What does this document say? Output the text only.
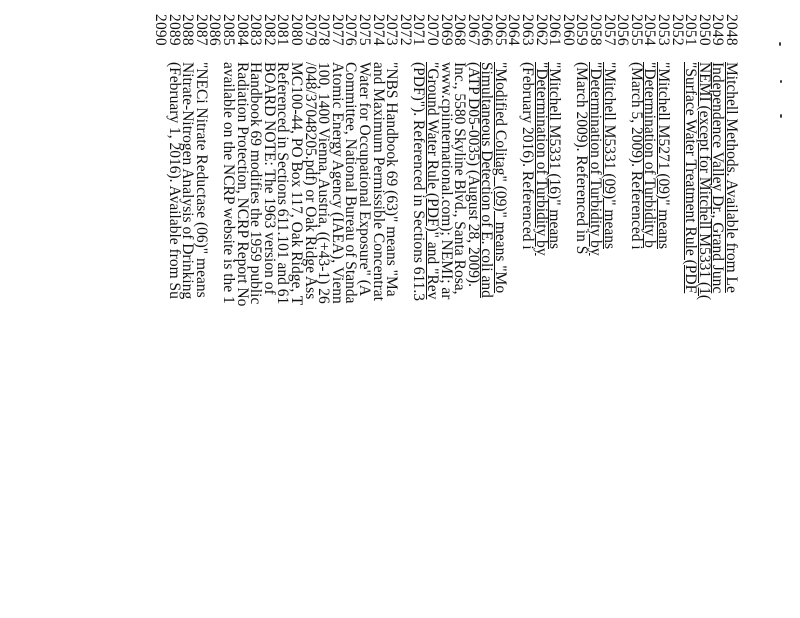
2048
2049
2050
2051
2052
2053
2054
2055
2056
2057
2058
2059
2060
2061
2062
2063
2064
2065
2066
2067
2068
2069
2070
2071
2072
2073
2074
2075
2076
2077
2078
2079
2080
2081
2082
2083
2084
2085
2086
2087
2088
2089
2090
Mitchell Methods. Available from Le
Independence Valley Dr., Grand Junc
NEMI (except for Mitchell M5331 (1(
"Surface Water Treatment Rule (PDF
"Mitchell M5271 (09)" means
"Determination of Turbidity b
(March 5, 2009). Referenced i
"Mitchell M5331 (09)" means
"Determination of Turbidity by
(March 2009). Referenced in S
"Mitchell M5331 (16)" means
"Determination of Turbidity by
(February 2016). Referenced i
"Modified Colitag" (09)" means "Mo
Simultaneous Detection of E. coli and
(ATP D05-0035) (August 28, 2009).
Inc., 5580 Skyline Blvd., Santa Rosa,
www.cpiinternational.com); NEMI; ar
"Ground Water Rule (PDF)" and "Rev
(PDF)"). Referenced in Sections 611.3
"NBS Handbook 69 (63)" means "Ma
and Maximum Permissible Concentrat
Water for Occupational Exposure" (A
Committee, National Bureau of Standa
Atomic Energy Agency (IAEA), Vienn
100, 1400 Vienna, Austria, ((+43-1) 26
/048/37048205.pdf) or Oak Ridge Ass
MC100-44, PO Box 117, Oak Ridge, T
Referenced in Sections 611.101 and 61
BOARD NOTE: The 1963 version of
Handbook 69 modifies the 1959 public
Radiation Protection, NCRP Report No
available on the NCRP website is the 1
"NECi Nitrate Reductase (06)" means
Nitrate-Nitrogen Analysis of Drinking
(February 1, 2016). Available from Su
